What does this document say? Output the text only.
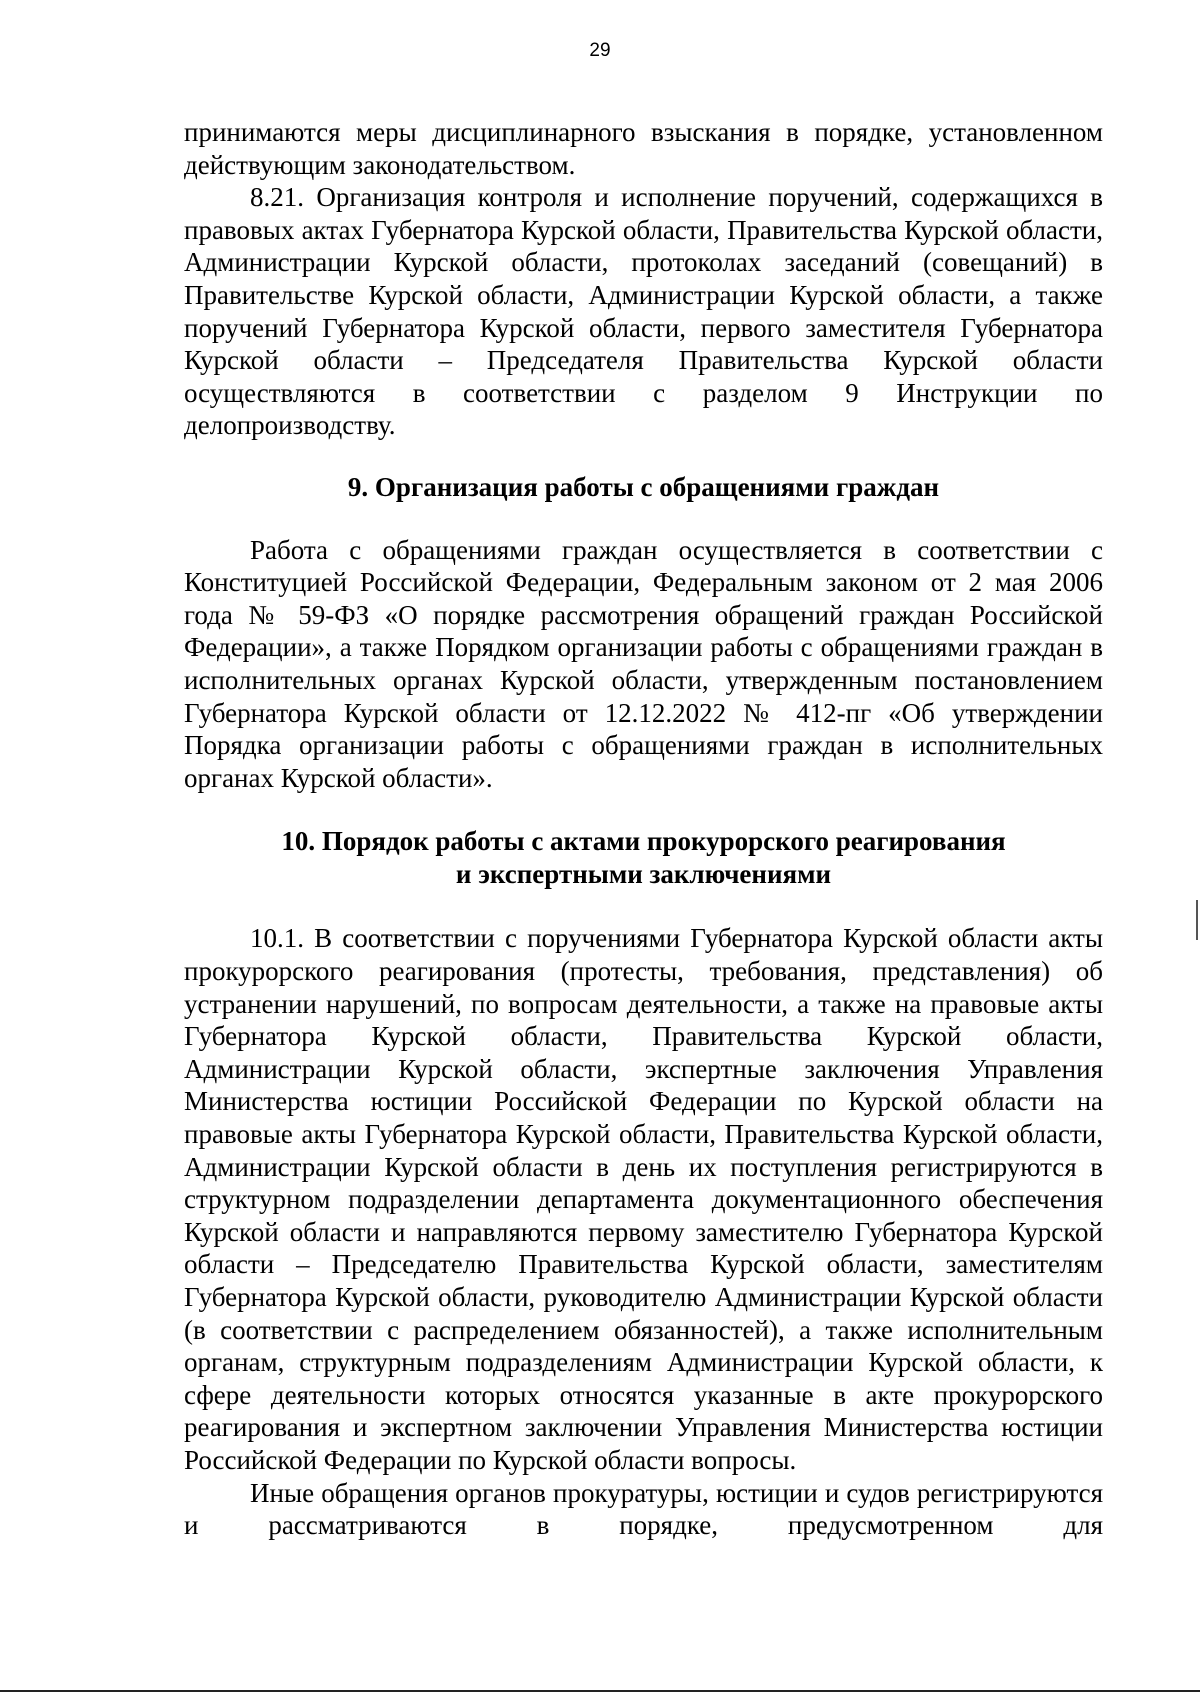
29

принимаются меры дисциплинарного взыскания в порядке, установленном действующим законодательством.

8.21. Организация контроля и исполнение поручений, содержащихся в правовых актах Губернатора Курской области, Правительства Курской области, Администрации Курской области, протоколах заседаний (совещаний) в Правительстве Курской области, Администрации Курской области, а также поручений Губернатора Курской области, первого заместителя Губернатора Курской области – Председателя Правительства Курской области осуществляются в соответствии с разделом 9 Инструкции по делопроизводству.

9. Организация работы с обращениями граждан

Работа с обращениями граждан осуществляется в соответствии с Конституцией Российской Федерации, Федеральным законом от 2 мая 2006 года № 59-ФЗ «О порядке рассмотрения обращений граждан Российской Федерации», а также Порядком организации работы с обращениями граждан в исполнительных органах Курской области, утвержденным постановлением Губернатора Курской области от 12.12.2022 № 412-пг «Об утверждении Порядка организации работы с обращениями граждан в исполнительных органах Курской области».

10. Порядок работы с актами прокурорского реагирования
и экспертными заключениями

10.1. В соответствии с поручениями Губернатора Курской области акты прокурорского реагирования (протесты, требования, представления) об устранении нарушений, по вопросам деятельности, а также на правовые акты Губернатора Курской области, Правительства Курской области, Администрации Курской области, экспертные заключения Управления Министерства юстиции Российской Федерации по Курской области на правовые акты Губернатора Курской области, Правительства Курской области, Администрации Курской области в день их поступления регистрируются в структурном подразделении департамента документационного обеспечения Курской области и направляются первому заместителю Губернатора Курской области – Председателю Правительства Курской области, заместителям Губернатора Курской области, руководителю Администрации Курской области (в соответствии с распределением обязанностей), а также исполнительным органам, структурным подразделениям Администрации Курской области, к сфере деятельности которых относятся указанные в акте прокурорского реагирования и экспертном заключении Управления Министерства юстиции Российской Федерации по Курской области вопросы.

Иные обращения органов прокуратуры, юстиции и судов регистрируются и рассматриваются в порядке, предусмотренном для
